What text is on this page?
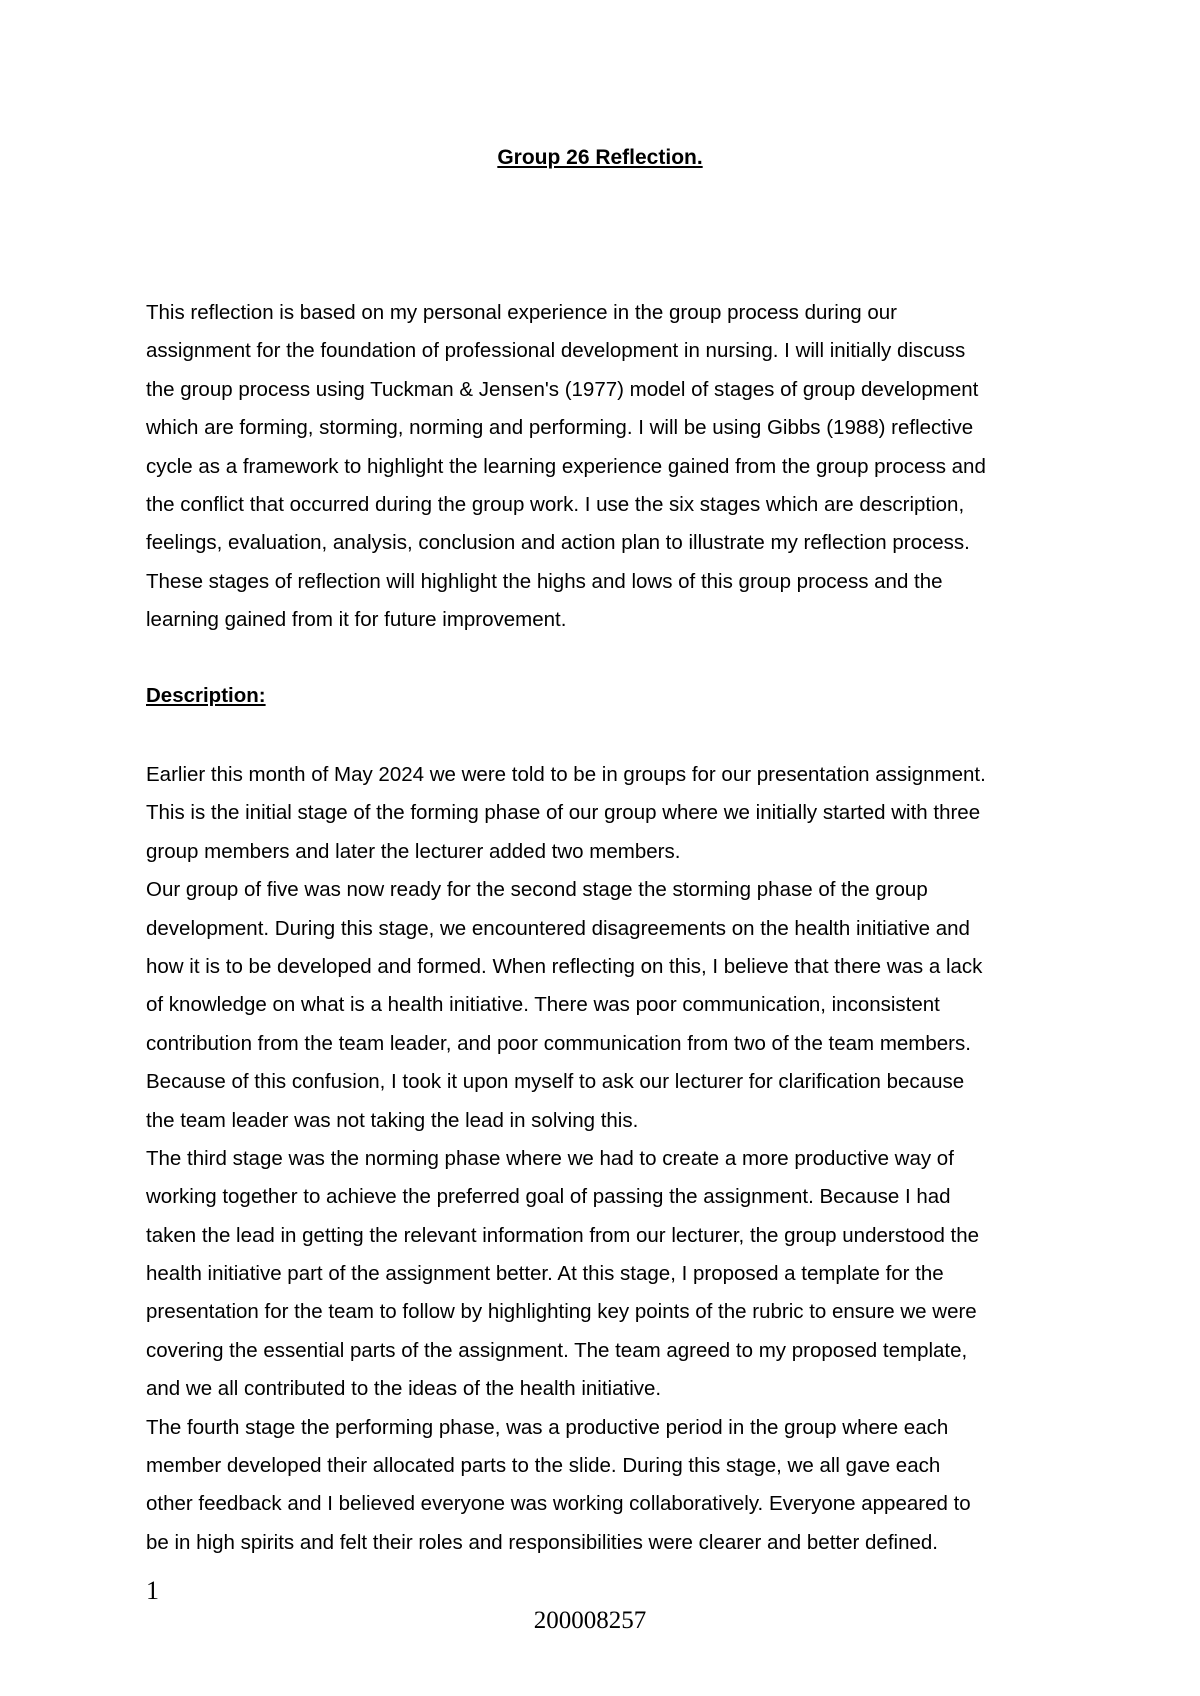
Group 26 Reflection.

This reflection is based on my personal experience in the group process during our
assignment for the foundation of professional development in nursing. I will initially discuss
the group process using Tuckman & Jensen's (1977) model of stages of group development
which are forming, storming, norming and performing. I will be using Gibbs (1988) reflective
cycle as a framework to highlight the learning experience gained from the group process and
the conflict that occurred during the group work. I use the six stages which are description,
feelings, evaluation, analysis, conclusion and action plan to illustrate my reflection process.
These stages of reflection will highlight the highs and lows of this group process and the
learning gained from it for future improvement.

Description:

Earlier this month of May 2024 we were told to be in groups for our presentation assignment.
This is the initial stage of the forming phase of our group where we initially started with three
group members and later the lecturer added two members.
Our group of five was now ready for the second stage the storming phase of the group
development. During this stage, we encountered disagreements on the health initiative and
how it is to be developed and formed. When reflecting on this, I believe that there was a lack
of knowledge on what is a health initiative. There was poor communication, inconsistent
contribution from the team leader, and poor communication from two of the team members.
Because of this confusion, I took it upon myself to ask our lecturer for clarification because
the team leader was not taking the lead in solving this.
The third stage was the norming phase where we had to create a more productive way of
working together to achieve the preferred goal of passing the assignment. Because I had
taken the lead in getting the relevant information from our lecturer, the group understood the
health initiative part of the assignment better. At this stage, I proposed a template for the
presentation for the team to follow by highlighting key points of the rubric to ensure we were
covering the essential parts of the assignment. The team agreed to my proposed template,
and we all contributed to the ideas of the health initiative.
The fourth stage the performing phase, was a productive period in the group where each
member developed their allocated parts to the slide. During this stage, we all gave each
other feedback and I believed everyone was working collaboratively. Everyone appeared to
be in high spirits and felt their roles and responsibilities were clearer and better defined.

1
200008257
